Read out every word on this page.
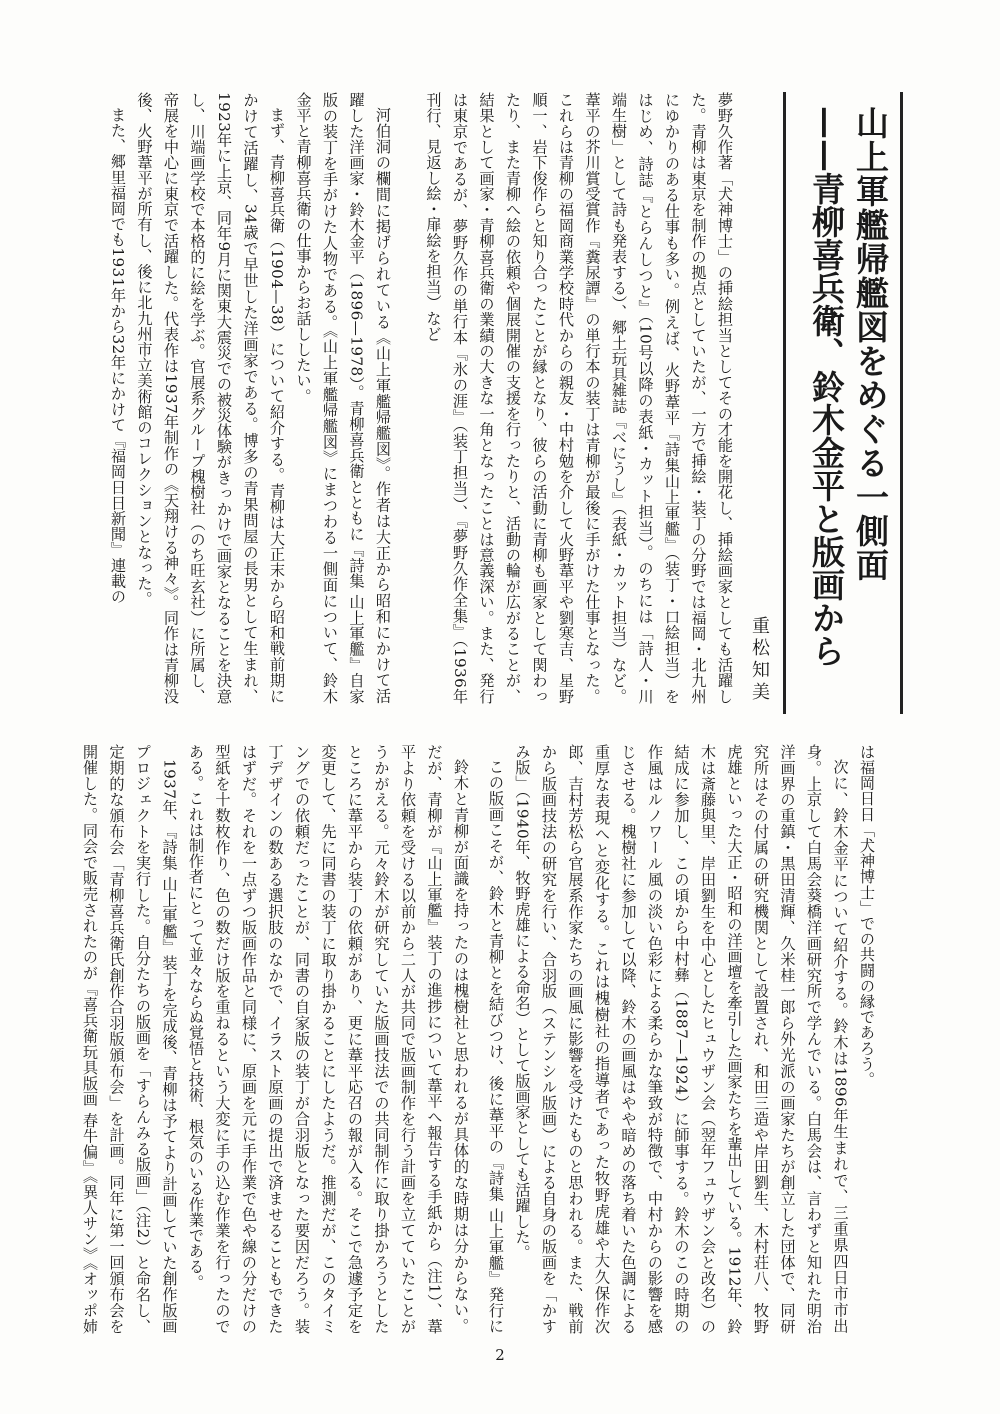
山上軍艦帰艦図をめぐる一側面
——青柳喜兵衛、鈴木金平と版画から
重松知美

河伯洞の欄間に掲げられている《山上軍艦帰艦図》。作者は大正から昭和にかけて活躍した洋画家・鈴木金平（1896—1978）。青柳喜兵衛とともに『詩集 山上軍艦』自家版の装丁を手がけた人物である。《山上軍艦帰艦図》にまつわる一側面について、鈴木金平と青柳喜兵衛の仕事からお話ししたい。

まず、青柳喜兵衛（1904—38）について紹介する。青柳は大正末から昭和戦前期にかけて活躍し、34歳で早世した洋画家である。博多の青果問屋の長男として生まれ、1923年に上京、同年9月に関東大震災での被災体験がきっかけで画家となることを決意し、川端画学校で本格的に絵を学ぶ。官展系グループ槐樹社（のち旺玄社）に所属し、帝展を中心に東京で活躍した。代表作は1937年制作の《天翔ける神々》。同作は青柳没後、火野葦平が所有し、後に北九州市立美術館のコレクションとなった。

また、郷里福岡でも1931年から32年にかけて『福岡日日新聞』連載の	夢野久作著「犬神博士」の挿絵担当としてその才能を開花し、挿絵画家としても活躍した。青柳は東京を制作の拠点としていたが、一方で挿絵・装丁の分野では福岡・北九州にゆかりのある仕事も多い。例えば、火野葦平『詩集山上軍艦』（装丁・口絵担当）をはじめ、詩誌『とらんしつと』（10号以降の表紙・カット担当）。のちには「詩人・川端生樹」として詩も発表する）、郷土玩具雑誌『べにうし』（表紙・カット担当）など。葦平の芥川賞受賞作『糞尿譚』の単行本の装丁は青柳が最後に手がけた仕事となった。これらは青柳の福岡商業学校時代からの親友・中村勉を介して火野葦平や劉寒吉、星野順一、岩下俊作らと知り合ったことが縁となり、彼らの活動に青柳も画家として関わったり、また青柳へ絵の依頼や個展開催の支援を行ったりと、活動の輪が広がることが、結果として画家・青柳喜兵衛の業績の大きな一角となったことは意義深い。また、発行は東京であるが、夢野久作の単行本『氷の涯』（装丁担当）、『夢野久作全集』（1936年刊行、見返し絵・扉絵を担当）など

は福岡日日「犬神博士」での共闘の縁であろう。

次に、鈴木金平について紹介する。鈴木は1896年生まれで、三重県四日市市出身。上京して白馬会葵橋洋画研究所で学んでいる。白馬会は、言わずと知れた明治洋画界の重鎮・黒田清輝、久米桂一郎ら外光派の画家たちが創立した団体で、同研究所はその付属の研究機関として設置され、和田三造や岸田劉生、木村荘八、牧野虎雄といった大正・昭和の洋画壇を牽引した画家たちを輩出している。1912年、鈴木は斎藤與里、岸田劉生を中心としたヒュウザン会（翌年フュウザン会と改名）の結成に参加し、この頃から中村彝（1887—1924）に師事する。鈴木のこの時期の作風はルノワール風の淡い色彩による柔らかな筆致が特徴で、中村からの影響を感じさせる。槐樹社に参加して以降、鈴木の画風はやや暗めの落ち着いた色調による重厚な表現へと変化する。これは槐樹社の指導者であった牧野虎雄や大久保作次郎、吉村芳松ら官展系作家たちの画風に影響を受けたものと思われる。また、戦前から版画技法の研究を行い、合羽版（ステンシル版画）による自身の版画を「かすみ版」（1940年、牧野虎雄による命名）として版画家としても活躍した。

この版画こそが、鈴木と青柳とを結びつけ、後に葦平の『詩集 山上軍艦』発行に

鈴木と青柳が面識を持ったのは槐樹社と思われるが具体的な時期は分からない。だが、青柳が『山上軍艦』装丁の進捗について葦平へ報告する手紙から（注1）、葦平より依頼を受ける以前から二人が共同で版画制作を行う計画を立てていたことがうかがえる。元々鈴木が研究していた版画技法での共同制作に取り掛かろうとしたところに葦平から装丁の依頼があり、更に葦平応召の報が入る。そこで急遽予定を変更して、先に同書の装丁に取り掛かることにしたようだ。推測だが、このタイミングでの依頼だったことが、同書の自家版の装丁が合羽版となった要因だろう。装丁デザインの数ある選択肢のなかで、イラスト原画の提出で済ませることもできたはずだ。それを一点ずつ版画作品と同様に、原画を元に手作業で色や線の分だけの型紙を十数枚作り、色の数だけ版を重ねるという大変に手の込む作業を行ったのである。これは制作者にとって並々ならぬ覚悟と技術、根気のいる作業である。

1937年、『詩集 山上軍艦』装丁を完成後、青柳は予てより計画していた創作版画プロジェクトを実行した。自分たちの版画を「すらんみる版画」（注2）と命名し、定期的な頒布会「青柳喜兵衛氏創作合羽版頒布会」を計画。同年に第一回頒布会を開催した。同会で販売されたのが『喜兵衛玩具版画 春牛偏』《異人サン》《オッポ姉

2
